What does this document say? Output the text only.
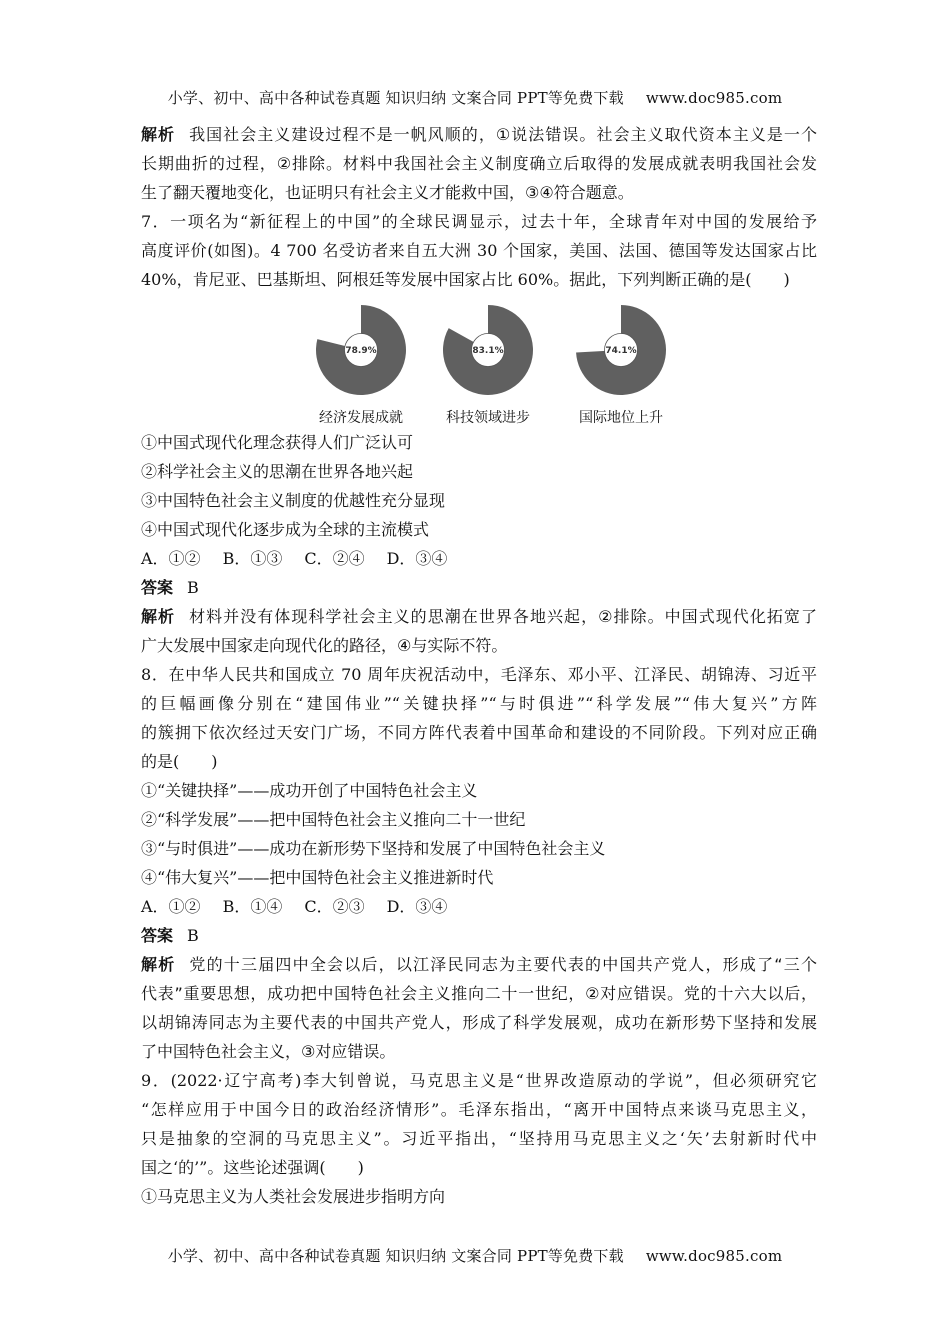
小学、初中、高中各种试卷真题 知识归纳 文案合同 PPT等免费下载 www.doc985.com
解析 我国社会主义建设过程不是一帆风顺的，①说法错误。社会主义取代资本主义是一个
长期曲折的过程，②排除。材料中我国社会主义制度确立后取得的发展成就表明我国社会发
生了翻天覆地变化，也证明只有社会主义才能救中国，③④符合题意。
7．一项名为“新征程上的中国”的全球民调显示，过去十年，全球青年对中国的发展给予
高度评价(如图)。4 700 名受访者来自五大洲 30 个国家，美国、法国、德国等发达国家占比
40%，肯尼亚、巴基斯坦、阿根廷等发展中国家占比 60%。据此，下列判断正确的是(　　)
78.9%
经济发展成就
83.1%
科技领域进步
74.1%
国际地位上升
①中国式现代化理念获得人们广泛认可
②科学社会主义的思潮在世界各地兴起
③中国特色社会主义制度的优越性充分显现
④中国式现代化逐步成为全球的主流模式
A．①② B．①③ C．②④ D．③④
答案 B
解析 材料并没有体现科学社会主义的思潮在世界各地兴起，②排除。中国式现代化拓宽了
广大发展中国家走向现代化的路径，④与实际不符。
8．在中华人民共和国成立 70 周年庆祝活动中，毛泽东、邓小平、江泽民、胡锦涛、习近平
的巨幅画像分别在“建国伟业”“关键抉择”“与时俱进”“科学发展”“伟大复兴”方阵
的簇拥下依次经过天安门广场，不同方阵代表着中国革命和建设的不同阶段。下列对应正确
的是(　　)
①“关键抉择”——成功开创了中国特色社会主义
②“科学发展”——把中国特色社会主义推向二十一世纪
③“与时俱进”——成功在新形势下坚持和发展了中国特色社会主义
④“伟大复兴”——把中国特色社会主义推进新时代
A．①② B．①④ C．②③ D．③④
答案 B
解析 党的十三届四中全会以后，以江泽民同志为主要代表的中国共产党人，形成了“三个
代表”重要思想，成功把中国特色社会主义推向二十一世纪，②对应错误。党的十六大以后，
以胡锦涛同志为主要代表的中国共产党人，形成了科学发展观，成功在新形势下坚持和发展
了中国特色社会主义，③对应错误。
9．(2022·辽宁高考)李大钊曾说，马克思主义是“世界改造原动的学说”，但必须研究它
“怎样应用于中国今日的政治经济情形”。毛泽东指出，“离开中国特点来谈马克思主义，
只是抽象的空洞的马克思主义”。习近平指出，“坚持用马克思主义之‘矢’去射新时代中
国之‘的’”。这些论述强调(　　)
①马克思主义为人类社会发展进步指明方向
小学、初中、高中各种试卷真题 知识归纳 文案合同 PPT等免费下载 www.doc985.com
